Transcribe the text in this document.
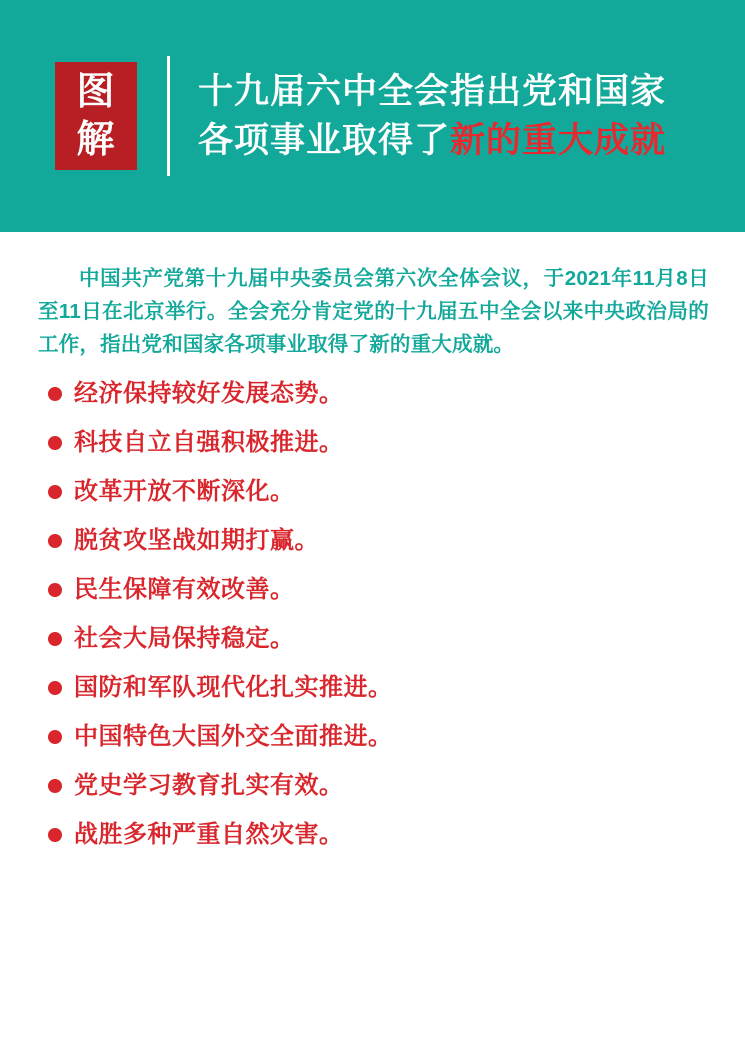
图
解
十九届六中全会指出党和国家
各项事业取得了新的重大成就

中国共产党第十九届中央委员会第六次全体会议，于2021年11月8日至11日在北京举行。全会充分肯定党的十九届五中全会以来中央政治局的工作，指出党和国家各项事业取得了新的重大成就。

经济保持较好发展态势。
科技自立自强积极推进。
改革开放不断深化。
脱贫攻坚战如期打赢。
民生保障有效改善。
社会大局保持稳定。
国防和军队现代化扎实推进。
中国特色大国外交全面推进。
党史学习教育扎实有效。
战胜多种严重自然灾害。
